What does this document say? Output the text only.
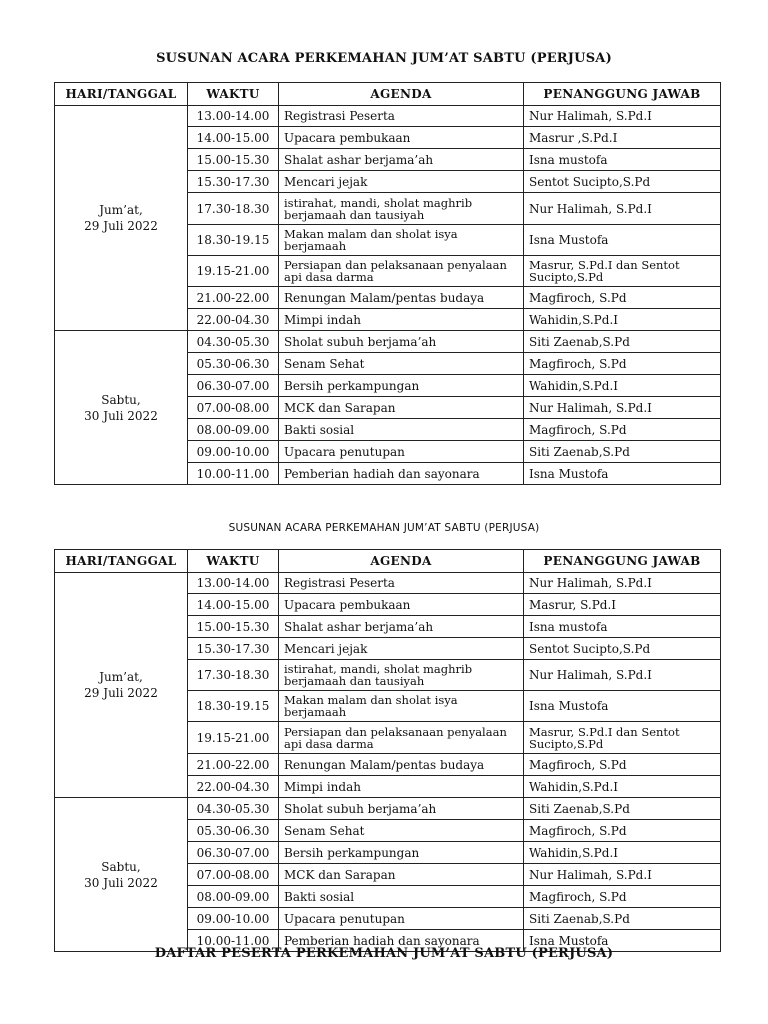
SUSUNAN ACARA PERKEMAHAN JUM’AT SABTU (PERJUSA)
HARI/TANGGAL	WAKTU	AGENDA	PENANGGUNG JAWAB
Jum’at,
29 Juli 2022	13.00-14.00	Registrasi Peserta	Nur Halimah, S.Pd.I
	14.00-15.00	Upacara pembukaan	Masrur ,S.Pd.I
	15.00-15.30	Shalat ashar berjama’ah	Isna mustofa
	15.30-17.30	Mencari jejak	Sentot Sucipto,S.Pd
	17.30-18.30	istirahat, mandi, sholat maghrib berjamaah dan tausiyah	Nur Halimah, S.Pd.I
	18.30-19.15	Makan malam dan sholat isya berjamaah	Isna Mustofa
	19.15-21.00	Persiapan dan pelaksanaan penyalaan api dasa darma	Masrur, S.Pd.I dan Sentot Sucipto,S.Pd
	21.00-22.00	Renungan Malam/pentas budaya	Magfiroch, S.Pd
	22.00-04.30	Mimpi indah	Wahidin,S.Pd.I
Sabtu,
30 Juli 2022	04.30-05.30	Sholat subuh berjama’ah	Siti Zaenab,S.Pd
	05.30-06.30	Senam Sehat	Magfiroch, S.Pd
	06.30-07.00	Bersih perkampungan	Wahidin,S.Pd.I
	07.00-08.00	MCK dan Sarapan	Nur Halimah, S.Pd.I
	08.00-09.00	Bakti sosial	Magfiroch, S.Pd
	09.00-10.00	Upacara penutupan	Siti Zaenab,S.Pd
	10.00-11.00	Pemberian hadiah dan sayonara	Isna Mustofa
SUSUNAN ACARA PERKEMAHAN JUM’AT SABTU (PERJUSA)
HARI/TANGGAL	WAKTU	AGENDA	PENANGGUNG JAWAB
Jum’at,
29 Juli 2022	13.00-14.00	Registrasi Peserta	Nur Halimah, S.Pd.I
	14.00-15.00	Upacara pembukaan	Masrur, S.Pd.I
	15.00-15.30	Shalat ashar berjama’ah	Isna mustofa
	15.30-17.30	Mencari jejak	Sentot Sucipto,S.Pd
	17.30-18.30	istirahat, mandi, sholat maghrib berjamaah dan tausiyah	Nur Halimah, S.Pd.I
	18.30-19.15	Makan malam dan sholat isya berjamaah	Isna Mustofa
	19.15-21.00	Persiapan dan pelaksanaan penyalaan api dasa darma	Masrur, S.Pd.I dan Sentot Sucipto,S.Pd
	21.00-22.00	Renungan Malam/pentas budaya	Magfiroch, S.Pd
	22.00-04.30	Mimpi indah	Wahidin,S.Pd.I
Sabtu,
30 Juli 2022	04.30-05.30	Sholat subuh berjama’ah	Siti Zaenab,S.Pd
	05.30-06.30	Senam Sehat	Magfiroch, S.Pd
	06.30-07.00	Bersih perkampungan	Wahidin,S.Pd.I
	07.00-08.00	MCK dan Sarapan	Nur Halimah, S.Pd.I
	08.00-09.00	Bakti sosial	Magfiroch, S.Pd
	09.00-10.00	Upacara penutupan	Siti Zaenab,S.Pd
	10.00-11.00	Pemberian hadiah dan sayonara	Isna Mustofa
DAFTAR PESERTA PERKEMAHAN JUM’AT SABTU (PERJUSA)
